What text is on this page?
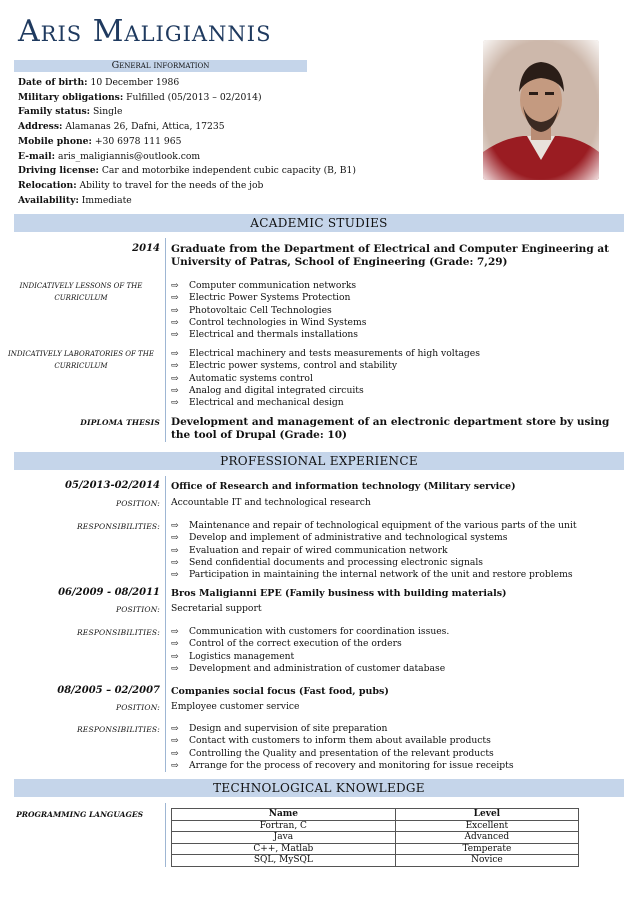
Aris Maligiannis
General information
Date of birth: 10 December 1986
Military obligations: Fulfilled (05/2013 – 02/2014)
Family status: Single
Address: Alamanas 26, Dafni, Attica, 17235
Mobile phone: +30 6978 111 965
E-mail: aris_maligiannis@outlook.com
Driving license: Car and motorbike independent cubic capacity (B, B1)
Relocation: Ability to travel for the needs of the job
Availability: Immediate
ACADEMIC STUDIES
2014 Graduate from the Department of Electrical and Computer Engineering at University of Patras, School of Engineering (Grade: 7,29)
INDICATIVELY LESSONS OF THE
CURRICULUM
⇨ Computer communication networks
⇨ Electric Power Systems Protection
⇨ Photovoltaic Cell Technologies
⇨ Control technologies in Wind Systems
⇨ Electrical and thermals installations
INDICATIVELY LABORATORIES OF THE
CURRICULUM
⇨ Electrical machinery and tests measurements of high voltages
⇨ Electric power systems, control and stability
⇨ Automatic systems control
⇨ Analog and digital integrated circuits
⇨ Electrical and mechanical design
DIPLOMA THESIS Development and management of an electronic department store by using the tool of Drupal (Grade: 10)
PROFESSIONAL EXPERIENCE
05/2013-02/2014 Office of Research and information technology (Military service)
POSITION: Accountable IT and technological research
RESPONSIBILITIES: ⇨ Maintenance and repair of technological equipment of the various parts of the unit
⇨ Develop and implement of administrative and technological systems
⇨ Evaluation and repair of wired communication network
⇨ Send confidential documents and processing electronic signals
⇨ Participation in maintaining the internal network of the unit and restore problems
06/2009 - 08/2011 Bros Maligianni EPE (Family business with building materials)
POSITION: Secretarial support
RESPONSIBILITIES: ⇨ Communication with customers for coordination issues.
⇨ Control of the correct execution of the orders
⇨ Logistics management
⇨ Development and administration of customer database
08/2005 – 02/2007 Companies social focus (Fast food, pubs)
POSITION: Employee customer service
RESPONSIBILITIES: ⇨ Design and supervision of site preparation
⇨ Contact with customers to inform them about available products
⇨ Controlling the Quality and presentation of the relevant products
⇨ Arrange for the process of recovery and monitoring for issue receipts
TECHNOLOGICAL KNOWLEDGE
PROGRAMMING LANGUAGES	Name	Level
Fortran, C	Excellent
Java	Advanced
C++, Matlab	Temperate
SQL, MySQL	Novice
